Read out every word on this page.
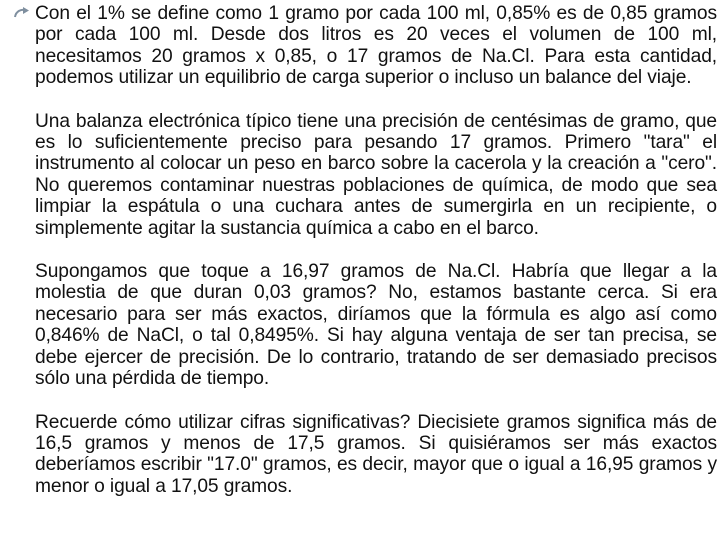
Con el 1% se define como 1 gramo por cada 100 ml, 0,85% es de 0,85 gramos por cada 100 ml. Desde dos litros es 20 veces el volumen de 100 ml, necesitamos 20 gramos x 0,85, o 17 gramos de Na.Cl. Para esta cantidad, podemos utilizar un equilibrio de carga superior o incluso un balance del viaje.

Una balanza electrónica típico tiene una precisión de centésimas de gramo, que es lo suficientemente preciso para pesando 17 gramos. Primero "tara" el instrumento al colocar un peso en barco sobre la cacerola y la creación a "cero". No queremos contaminar nuestras poblaciones de química, de modo que sea limpiar la espátula o una cuchara antes de sumergirla en un recipiente, o simplemente agitar la sustancia química a cabo en el barco.

Supongamos que toque a 16,97 gramos de Na.Cl. Habría que llegar a la molestia de que duran 0,03 gramos? No, estamos bastante cerca. Si era necesario para ser más exactos, diríamos que la fórmula es algo así como 0,846% de NaCl, o tal 0,8495%. Si hay alguna ventaja de ser tan precisa, se debe ejercer de precisión. De lo contrario, tratando de ser demasiado precisos sólo una pérdida de tiempo.

Recuerde cómo utilizar cifras significativas? Diecisiete gramos significa más de 16,5 gramos y menos de 17,5 gramos. Si quisiéramos ser más exactos deberíamos escribir "17.0" gramos, es decir, mayor que o igual a 16,95 gramos y menor o igual a 17,05 gramos.
